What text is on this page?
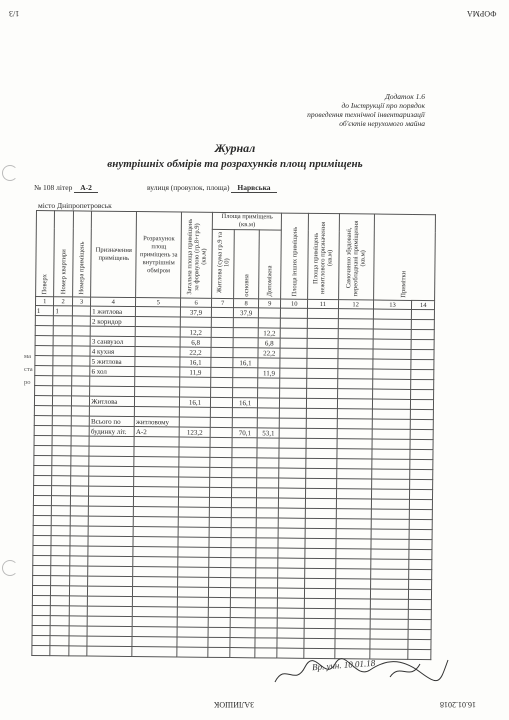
1/3	ФОРМА
Додаток 1.6
до Інструкції про порядок
проведення технічної інвентаризації
об'єктів нерухомого майна
Журнал
внутрішніх обмірів та розрахунків площ приміщень
№ 108 літер А-2	вулиця (провулок, площа) Нарвська
місто Дніпропетровськ
ма
ста
ро
Поверх	Номер квартири	Номера приміщень	Призначення приміщень	Розрахунок площ приміщень за внутрішнім обміром	Загальна площа приміщень за формулою (гр.8+гр.9) (кв.м)	Площа приміщень (кв.м)			Площа інших приміщень	Площа приміщень нежитлового призначення (кв.м)	Самочинно збудовані, переобладнані приміщення (кв.м)	Примітки	
						Житлова (сума гр.9 та 10)	основна	Допоміжна					
1	2	3	4	5	6	7	8	9	10	11	12	13	14
1	1		1 житлова		37,9		37,9						
			2 коридор										
					12,2			12,2					
			3 санвузол		6,8			6,8					
			4 кухня		22,2			22,2					
			5 житлова		16,1		16,1						
			6 хол		11,9			11,9					

			Житлова		16,1		16,1						

			Всього по	житловому									
			будинку літ.	А-2	123,2		70,1	53,1					

Вр. учн. 10.01.18
ЗАЛИШОК	16.01.2018
